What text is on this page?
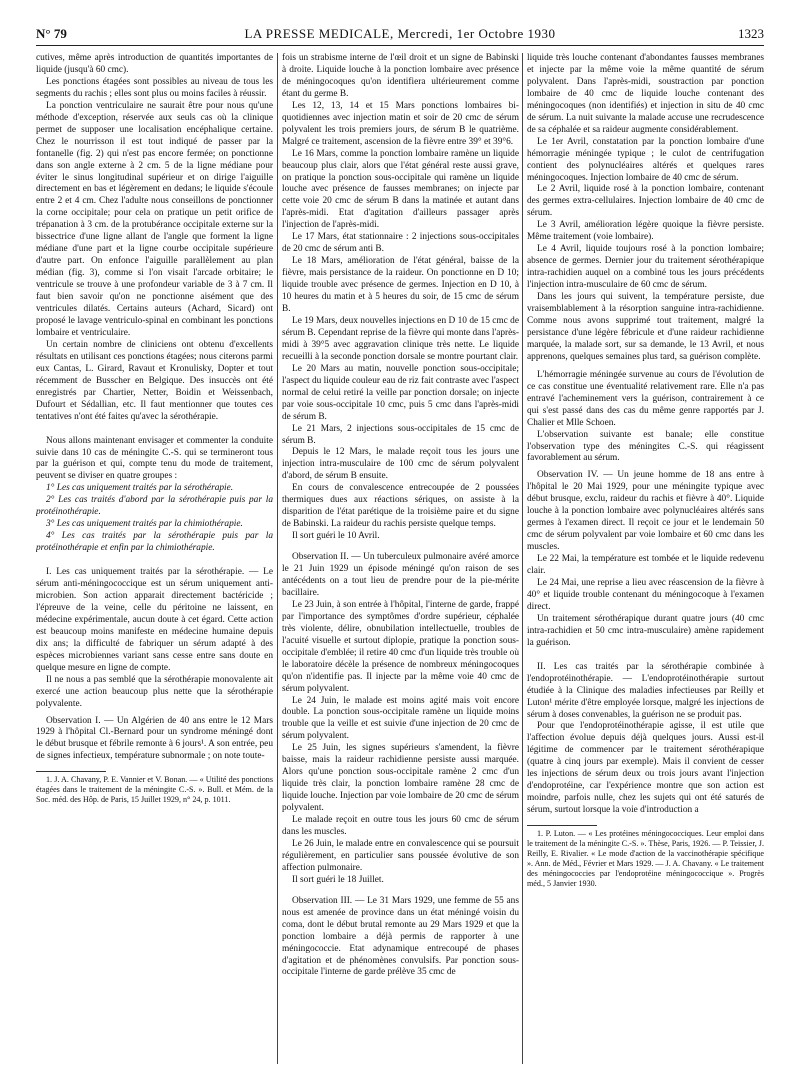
N° 79	LA PRESSE MEDICALE, Mercredi, 1er Octobre 1930	1323

cutives, même après introduction de quantités importantes de liquide (jusqu'à 60 cmc).

Les ponctions étagées sont possibles au niveau de tous les segments du rachis ; elles sont plus ou moins faciles à réussir.

La ponction ventriculaire ne saurait être pour nous qu'une méthode d'exception, réservée aux seuls cas où la clinique permet de supposer une localisation encéphalique certaine. Chez le nourrisson il est tout indiqué de passer par la fontanelle (fig. 2) qui n'est pas encore fermée; on ponctionne dans son angle externe à 2 cm. 5 de la ligne médiane pour éviter le sinus longitudinal supérieur et on dirige l'aiguille directement en bas et légèrement en dedans; le liquide s'écoule entre 2 et 4 cm. Chez l'adulte nous conseillons de ponctionner la corne occipitale; pour cela on pratique un petit orifice de trépanation à 3 cm. de la protubérance occipitale externe sur la bissectrice d'une ligne allant de l'angle que forment la ligne médiane d'une part et la ligne courbe occipitale supérieure d'autre part. On enfonce l'aiguille parallèlement au plan médian (fig. 3), comme si l'on visait l'arcade orbitaire; le ventricule se trouve à une profondeur variable de 3 à 7 cm. Il faut bien savoir qu'on ne ponctionne aisément que des ventricules dilatés. Certains auteurs (Achard, Sicard) ont proposé le lavage ventriculo-spinal en combinant les ponctions lombaire et ventriculaire.

Un certain nombre de cliniciens ont obtenu d'excellents résultats en utilisant ces ponctions étagées; nous citerons parmi eux Cantas, L. Girard, Ravaut et Kronulisky, Dopter et tout récemment de Busscher en Belgique. Des insuccès ont été enregistrés par Chartier, Netter, Boidin et Weissenbach, Dufourt et Sédallian, etc. Il faut mentionner que toutes ces tentatives n'ont été faites qu'avec la sérothérapie.

Nous allons maintenant envisager et commenter la conduite suivie dans 10 cas de méningite C.-S. qui se termineront tous par la guérison et qui, compte tenu du mode de traitement, peuvent se diviser en quatre groupes :

1° Les cas uniquement traités par la sérothérapie.

2° Les cas traités d'abord par la sérothérapie puis par la protéinothérapie.

3° Les cas uniquement traités par la chimiothérapie.

4° Les cas traités par la sérothérapie puis par la protéinothérapie et enfin par la chimiothérapie.

I. Les cas uniquement traités par la sérothérapie. — Le sérum anti-méningococcique est un sérum uniquement anti-microbien. Son action apparait directement bactéricide ; l'épreuve de la veine, celle du péritoine ne laissent, en médecine expérimentale, aucun doute à cet égard. Cette action est beaucoup moins manifeste en médecine humaine depuis dix ans; la difficulté de fabriquer un sérum adapté à des espèces microbiennes variant sans cesse entre sans doute en quelque mesure en ligne de compte.

Il ne nous a pas semblé que la sérothérapie monovalente ait exercé une action beaucoup plus nette que la sérothérapie polyvalente.

Observation I. — Un Algérien de 40 ans entre le 12 Mars 1929 à l'hôpital Cl.-Bernard pour un syndrome méningé dont le début brusque et fébrile remonte à 6 jours¹. A son entrée, peu de signes infectieux, température subnormale ; on note toute-

1. J. A. Chavany, P. E. Vannier et V. Bonan. — « Utilité des ponctions étagées dans le traitement de la méningite C.-S. ». Bull. et Mém. de la Soc. méd. des Hôp. de Paris, 15 Juillet 1929, n° 24, p. 1011.

fois un strabisme interne de l'œil droit et un signe de Babinski à droite. Liquide louche à la ponction lombaire avec présence de méningocoques qu'on identifiera ultérieurement comme étant du germe B.

Les 12, 13, 14 et 15 Mars ponctions lombaires bi-quotidiennes avec injection matin et soir de 20 cmc de sérum polyvalent les trois premiers jours, de sérum B le quatrième. Malgré ce traitement, ascension de la fièvre entre 39° et 39°6.

Le 16 Mars, comme la ponction lombaire ramène un liquide beaucoup plus clair, alors que l'état général reste aussi grave, on pratique la ponction sous-occipitale qui ramène un liquide louche avec présence de fausses membranes; on injecte par cette voie 20 cmc de sérum B dans la matinée et autant dans l'après-midi. Etat d'agitation d'ailleurs passager après l'injection de l'après-midi.

Le 17 Mars, état stationnaire : 2 injections sous-occipitales de 20 cmc de sérum anti B.

Le 18 Mars, amélioration de l'état général, baisse de la fièvre, mais persistance de la raideur. On ponctionne en D 10; liquide trouble avec présence de germes. Injection en D 10, à 10 heures du matin et à 5 heures du soir, de 15 cmc de sérum B.

Le 19 Mars, deux nouvelles injections en D 10 de 15 cmc de sérum B. Cependant reprise de la fièvre qui monte dans l'après-midi à 39°5 avec aggravation clinique très nette. Le liquide recueilli à la seconde ponction dorsale se montre pourtant clair.

Le 20 Mars au matin, nouvelle ponction sous-occipitale; l'aspect du liquide couleur eau de riz fait contraste avec l'aspect normal de celui retiré la veille par ponction dorsale; on injecte par voie sous-occipitale 10 cmc, puis 5 cmc dans l'après-midi de sérum B.

Le 21 Mars, 2 injections sous-occipitales de 15 cmc de sérum B.

Depuis le 12 Mars, le malade reçoit tous les jours une injection intra-musculaire de 100 cmc de sérum polyvalent d'abord, de sérum B ensuite.

En cours de convalescence entrecoupée de 2 poussées thermiques dues aux réactions sériques, on assiste à la disparition de l'état parétique de la troisième paire et du signe de Babinski. La raideur du rachis persiste quelque temps.

Il sort guéri le 10 Avril.

Observation II. — Un tuberculeux pulmonaire avéré amorce le 21 Juin 1929 un épisode méningé qu'on raison de ses antécédents on a tout lieu de prendre pour de la pie-mérite bacillaire.

Le 23 Juin, à son entrée à l'hôpital, l'interne de garde, frappé par l'importance des symptômes d'ordre supérieur, céphalée très violente, délire, obnubilation intellectuelle, troubles de l'acuité visuelle et surtout diplopie, pratique la ponction sous-occipitale d'emblée; il retire 40 cmc d'un liquide très trouble où le laboratoire décèle la présence de nombreux méningocoques qu'on n'identifie pas. Il injecte par la même voie 40 cmc de sérum polyvalent.

Le 24 Juin, le malade est moins agité mais voit encore double. La ponction sous-occipitale ramène un liquide moins trouble que la veille et est suivie d'une injection de 20 cmc de sérum polyvalent.

Le 25 Juin, les signes supérieurs s'amendent, la fièvre baisse, mais la raideur rachidienne persiste aussi marquée. Alors qu'une ponction sous-occipitale ramène 2 cmc d'un liquide très clair, la ponction lombaire ramène 28 cmc de liquide louche. Injection par voie lombaire de 20 cmc de sérum polyvalent.

Le malade reçoit en outre tous les jours 60 cmc de sérum dans les muscles.

Le 26 Juin, le malade entre en convalescence qui se poursuit régulièrement, en particulier sans poussée évolutive de son affection pulmonaire.

Il sort guéri le 18 Juillet.

Observation III. — Le 31 Mars 1929, une femme de 55 ans nous est amenée de province dans un état méningé voisin du coma, dont le début brutal remonte au 29 Mars 1929 et que la ponction lombaire a déjà permis de rapporter à une méningococcie. Etat adynamique entrecoupé de phases d'agitation et de phénomènes convulsifs. Par ponction sous-occipitale l'interne de garde prélève 35 cmc de

liquide très louche contenant d'abondantes fausses membranes et injecte par la même voie la même quantité de sérum polyvalent. Dans l'après-midi, soustraction par ponction lombaire de 40 cmc de liquide louche contenant des méningocoques (non identifiés) et injection in situ de 40 cmc de sérum. La nuit suivante la malade accuse une recrudescence de sa céphalée et sa raideur augmente considérablement.

Le 1er Avril, constatation par la ponction lombaire d'une hémorragie méningée typique ; le culot de centrifugation contient des polynucléaires altérés et quelques rares méningocoques. Injection lombaire de 40 cmc de sérum.

Le 2 Avril, liquide rosé à la ponction lombaire, contenant des germes extra-cellulaires. Injection lombaire de 40 cmc de sérum.

Le 3 Avril, amélioration légère quoique la fièvre persiste. Même traitement (voie lombaire).

Le 4 Avril, liquide toujours rosé à la ponction lombaire; absence de germes. Dernier jour du traitement sérothérapique intra-rachidien auquel on a combiné tous les jours précédents l'injection intra-musculaire de 60 cmc de sérum.

Dans les jours qui suivent, la température persiste, due vraisemblablement à la résorption sanguine intra-rachidienne. Comme nous avons supprimé tout traitement, malgré la persistance d'une légère fébricule et d'une raideur rachidienne marquée, la malade sort, sur sa demande, le 13 Avril, et nous apprenons, quelques semaines plus tard, sa guérison complète.

L'hémorragie méningée survenue au cours de l'évolution de ce cas constitue une éventualité relativement rare. Elle n'a pas entravé l'acheminement vers la guérison, contrairement à ce qui s'est passé dans des cas du même genre rapportés par J. Chalier et Mlle Schoen.

L'observation suivante est banale; elle constitue l'observation type des méningites C.-S. qui réagissent favorablement au sérum.

Observation IV. — Un jeune homme de 18 ans entre à l'hôpital le 20 Mai 1929, pour une méningite typique avec début brusque, exclu, raideur du rachis et fièvre à 40°. Liquide louche à la ponction lombaire avec polynucléaires altérés sans germes à l'examen direct. Il reçoit ce jour et le lendemain 50 cmc de sérum polyvalent par voie lombaire et 60 cmc dans les muscles.

Le 22 Mai, la température est tombée et le liquide redevenu clair.

Le 24 Mai, une reprise a lieu avec réascension de la fièvre à 40° et liquide trouble contenant du méningocoque à l'examen direct.

Un traitement sérothérapique durant quatre jours (40 cmc intra-rachidien et 50 cmc intra-musculaire) amène rapidement la guérison.

II. Les cas traités par la sérothérapie combinée à l'endoprotéinothérapie. — L'endoprotéinothérapie surtout étudiée à la Clinique des maladies infectieuses par Reilly et Luton¹ mérite d'être employée lorsque, malgré les injections de sérum à doses convenables, la guérison ne se produit pas.

Pour que l'endoprotéinothérapie agisse, il est utile que l'affection évolue depuis déjà quelques jours. Aussi est-il légitime de commencer par le traitement sérothérapique (quatre à cinq jours par exemple). Mais il convient de cesser les injections de sérum deux ou trois jours avant l'injection d'endoprotéine, car l'expérience montre que son action est moindre, parfois nulle, chez les sujets qui ont été saturés de sérum, surtout lorsque la voie d'introduction a

1. P. Luton. — « Les protéines méningococciques. Leur emploi dans le traitement de la méningite C.-S. ». Thèse, Paris, 1926. — P. Teissier, J. Reilly, E. Rivalier. « Le mode d'action de la vaccinothérapie spécifique ». Ann. de Méd., Février et Mars 1929. — J. A. Chavany. « Le traitement des méningococcies par l'endoprotéine méningococcique ». Progrès méd., 5 Janvier 1930.
